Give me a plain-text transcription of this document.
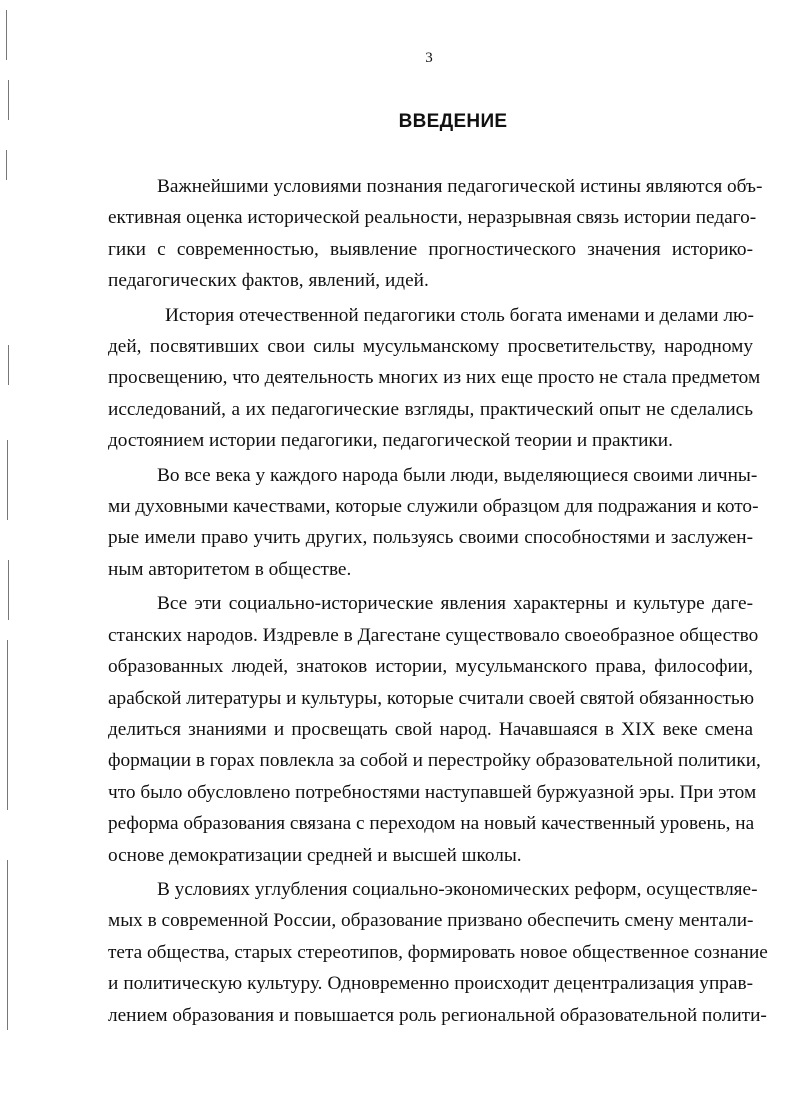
3
ВВЕДЕНИЕ
Важнейшими условиями познания педагогической истины являются объ-
ективная оценка исторической реальности, неразрывная связь истории педаго-
гики с современностью, выявление прогностического значения историко-
педагогических фактов, явлений, идей.
История отечественной педагогики столь богата именами и делами лю-
дей, посвятивших свои силы мусульманскому просветительству, народному
просвещению, что деятельность многих из них еще просто не стала предметом
исследований, а их педагогические взгляды, практический опыт не сделались
достоянием истории педагогики, педагогической теории и практики.
Во все века у каждого народа были люди, выделяющиеся своими личны-
ми духовными качествами, которые служили образцом для подражания и кото-
рые имели право учить других, пользуясь своими способностями и заслужен-
ным авторитетом в обществе.
Все эти социально-исторические явления характерны и культуре даге-
станских народов. Издревле в Дагестане существовало своеобразное общество
образованных людей, знатоков истории, мусульманского права, философии,
арабской литературы и культуры, которые считали своей святой обязанностью
делиться знаниями и просвещать свой народ. Начавшаяся в XIX веке смена
формации в горах повлекла за собой и перестройку образовательной политики,
что было обусловлено потребностями наступавшей буржуазной эры. При этом
реформа образования связана с переходом на новый качественный уровень, на
основе демократизации средней и высшей школы.
В условиях углубления социально-экономических реформ, осуществляе-
мых в современной России, образование призвано обеспечить смену ментали-
тета общества, старых стереотипов, формировать новое общественное сознание
и политическую культуру. Одновременно происходит децентрализация управ-
лением образования и повышается роль региональной образовательной полити-
